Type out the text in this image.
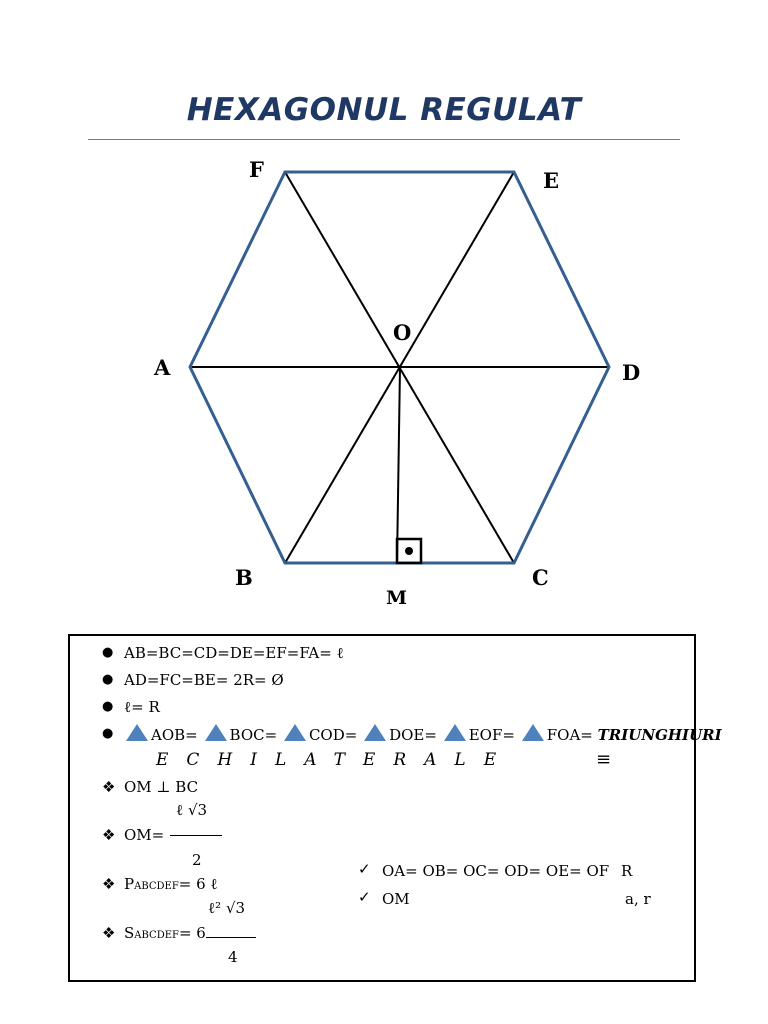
HEXAGONUL REGULAT
F	E
O
A	D
B	C
M
● AB=BC=CD=DE=EF=FA= ℓ
● AD=FC=BE= 2R= Ø
● ℓ= R
●	AOB= BOC= COD= DOE= EOF= FOA= TRIUNGHIURI
ECHILATERALE	≡
❖ OM ⊥ BC
ℓ √3
❖ OM=
2
❖ PABCDEF= 6 ℓ
ℓ² √3
❖ SABCDEF= 6
4
✓ OA= OB= OC= OD= OE= OF R
✓ OM	a, r
